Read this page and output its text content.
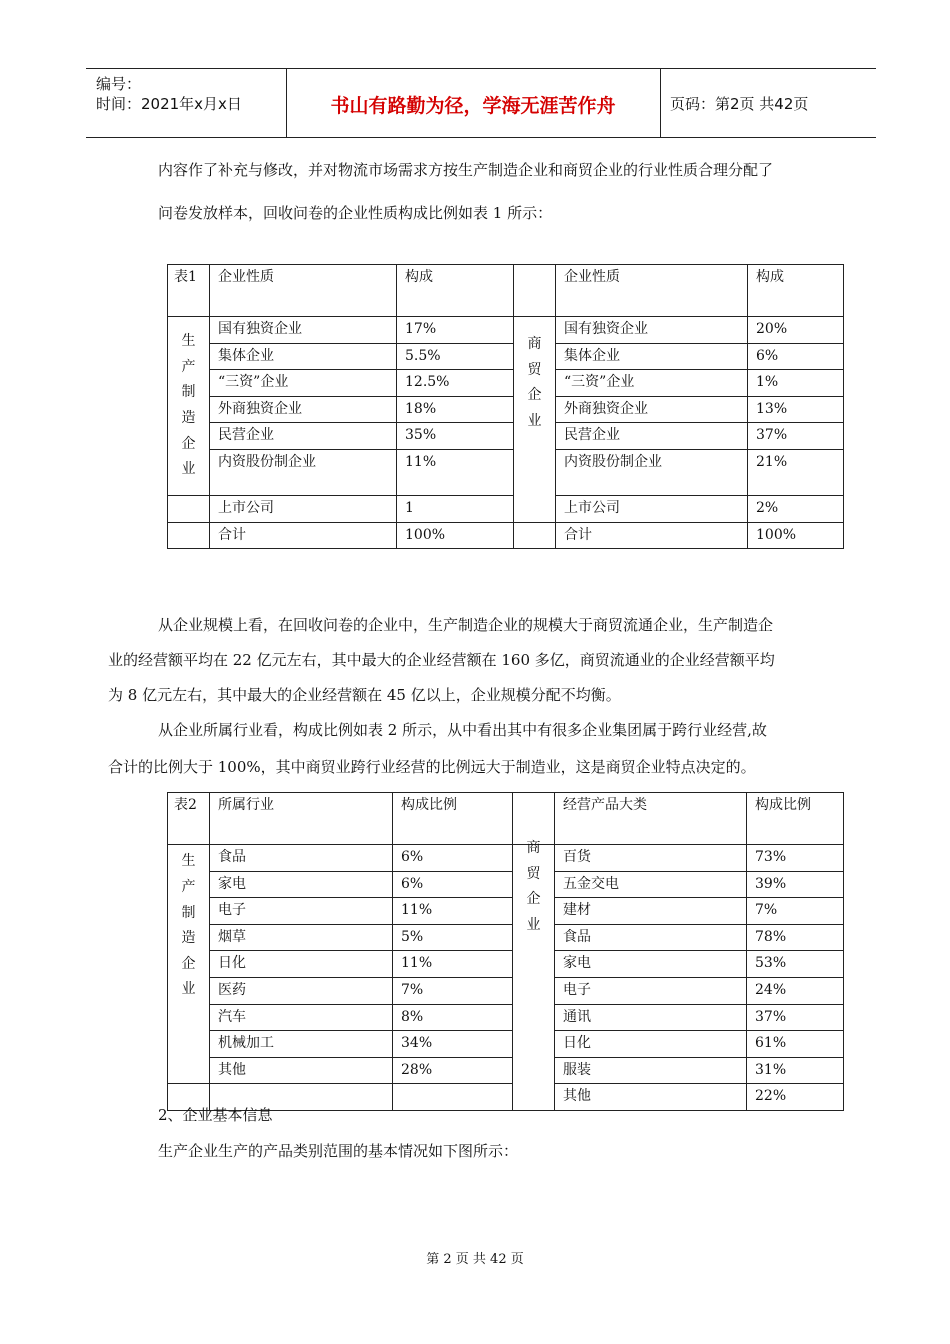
编号：
时间：2021年x月x日	书山有路勤为径，学海无涯苦作舟	页码：第2页 共42页

内容作了补充与修改，并对物流市场需求方按生产制造企业和商贸企业的行业性质合理分配了

问卷发放样本，回收问卷的企业性质构成比例如表 1 所示：

表1	企业性质	构成		企业性质	构成

生产制造企业	国有独资企业	17%	商贸企业	国有独资企业	20%
	集体企业	5.5%		集体企业	6%
	“三资”企业	12.5%		“三资”企业	1%
	外商独资企业	18%		外商独资企业	13%
	民营企业	35%		民营企业	37%
	内资股份制企业	11%		内资股份制企业	21%
	上市公司	1		上市公司	2%
	合计	100%		合计	100%

从企业规模上看，在回收问卷的企业中，生产制造企业的规模大于商贸流通企业，生产制造企

业的经营额平均在 22 亿元左右，其中最大的企业经营额在 160 多亿，商贸流通业的企业经营额平均

为 8 亿元左右，其中最大的企业经营额在 45 亿以上，企业规模分配不均衡。

从企业所属行业看，构成比例如表 2 所示，从中看出其中有很多企业集团属于跨行业经营,故

合计的比例大于 100%，其中商贸业跨行业经营的比例远大于制造业，这是商贸企业特点决定的。

表2	所属行业	构成比例		经营产品大类	构成比例

生产制造企业	食品	6%	商贸企业	百货	73%
	家电	6%		五金交电	39%
	电子	11%		建材	7%
	烟草	5%		食品	78%
	日化	11%		家电	53%
	医药	7%		电子	24%
	汽车	8%		通讯	37%
	机械加工	34%		日化	61%
	其他	28%		服装	31%
				其他	22%

2、企业基本信息

生产企业生产的产品类别范围的基本情况如下图所示：

第 2 页 共 42 页
